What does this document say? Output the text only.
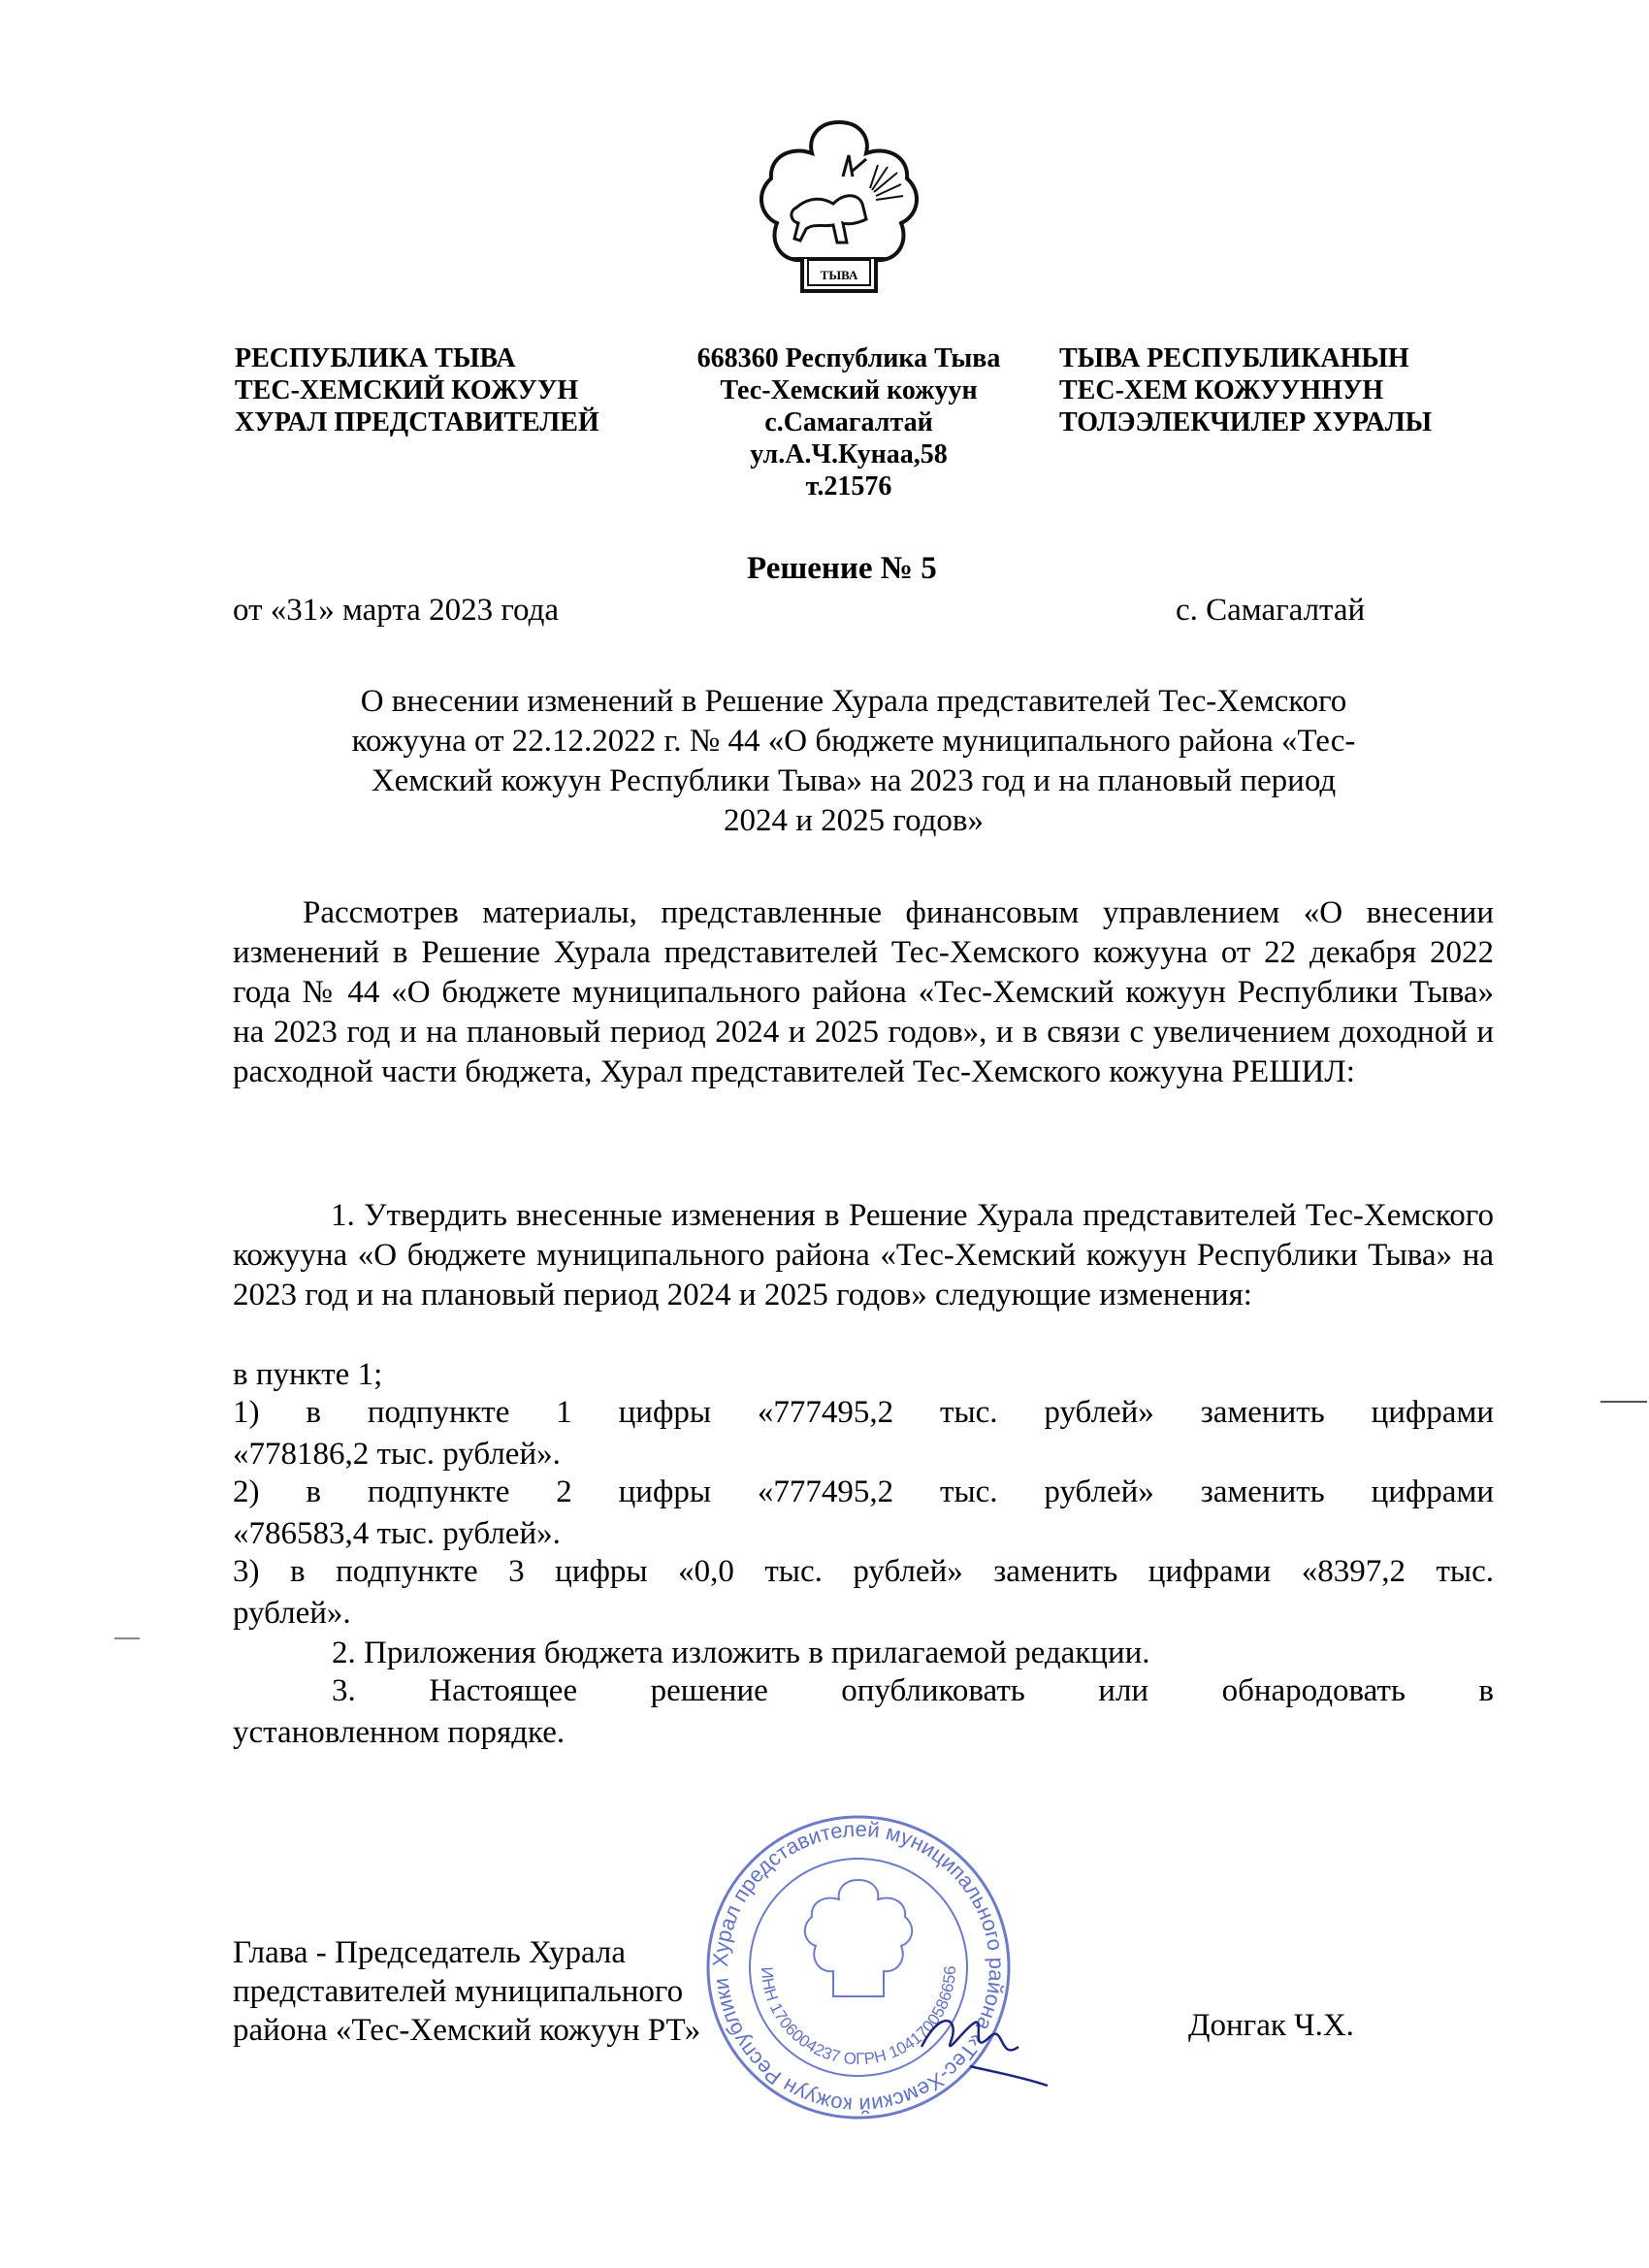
ТЫВА
РЕСПУБЛИКА ТЫВА
ТЕС-ХЕМСКИЙ КОЖУУН
ХУРАЛ ПРЕДСТАВИТЕЛЕЙ
668360 Республика Тыва
Тес-Хемский кожуун
с.Самагалтай
ул.А.Ч.Кунаа,58
т.21576
ТЫВА РЕСПУБЛИКАНЫН
ТЕС-ХЕМ КОЖУУННУН
ТОЛЭЭЛЕКЧИЛЕР ХУРАЛЫ
Решение № 5
от «31» марта 2023 года	с. Самагалтай
О внесении изменений в Решение Хурала представителей Тес-Хемского
кожууна от 22.12.2022 г. № 44 «О бюджете муниципального района «Тес-
Хемский кожуун Республики Тыва» на 2023 год и на плановый период
2024 и 2025 годов»
Рассмотрев материалы, представленные финансовым управлением «О внесении изменений в Решение Хурала представителей Тес-Хемского кожууна от 22 декабря 2022 года № 44 «О бюджете муниципального района «Тес-Хемский кожуун Республики Тыва» на 2023 год и на плановый период 2024 и 2025 годов», и в связи с увеличением доходной и расходной части бюджета, Хурал представителей Тес-Хемского кожууна РЕШИЛ:
1. Утвердить внесенные изменения в Решение Хурала представителей Тес-Хемского кожууна «О бюджете муниципального района «Тес-Хемский кожуун Республики Тыва» на 2023 год и на плановый период 2024 и 2025 годов» следующие изменения:
в пункте 1;
1) в подпункте 1 цифры «777495,2 тыс. рублей» заменить цифрами
«778186,2 тыс. рублей».
2) в подпункте 2 цифры «777495,2 тыс. рублей» заменить цифрами
«786583,4 тыс. рублей».
3) в подпункте 3 цифры «0,0 тыс. рублей» заменить цифрами «8397,2 тыс.
рублей».
2. Приложения бюджета изложить в прилагаемой редакции.
3. Настоящее решение опубликовать или обнародовать в
установленном порядке.
Хурал представителей муниципального района «Тес-Хемский кожуун Республики
ИНН 1706004237 ОГРН 1041700586656
Глава - Председатель Хурала
представителей муниципального
района «Тес-Хемский кожуун РТ»	Донгак Ч.Х.
